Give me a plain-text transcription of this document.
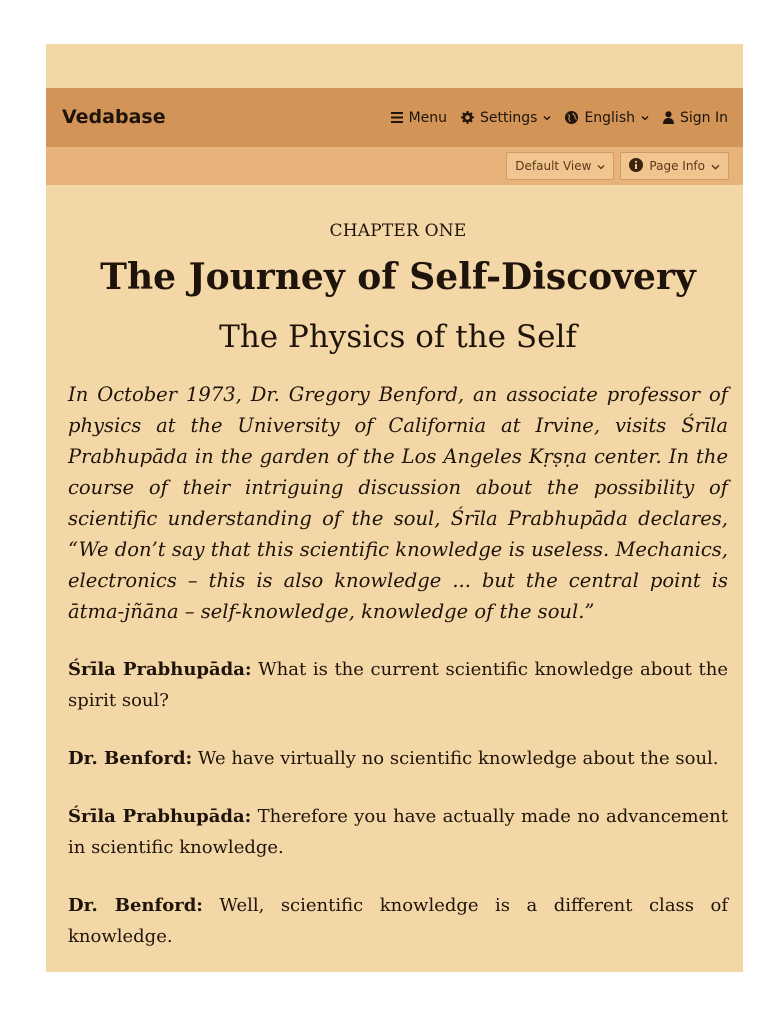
Vedabase	Menu Settings	English	Sign In
Default View	Page Info
CHAPTER ONE
The Journey of Self-Discovery
The Physics of the Self
In October 1973, Dr. Gregory Benford, an associate professor of physics at the University of California at Irvine, visits Śrīla Prabhupāda in the garden of the Los Angeles Kṛṣṇa center. In the course of their intriguing discussion about the possibility of scientific understanding of the soul, Śrīla Prabhupāda declares, “We don’t say that this scientific knowledge is useless. Mechanics, electronics – this is also knowledge ... but the central point is ātma-jñāna – self-knowledge, knowledge of the soul.”

Śrīla Prabhupāda: What is the current scientific knowledge about the spirit soul?

Dr. Benford: We have virtually no scientific knowledge about the soul.

Śrīla Prabhupāda: Therefore you have actually made no advancement in scientific knowledge.

Dr. Benford: Well, scientific knowledge is a different class of knowledge.
